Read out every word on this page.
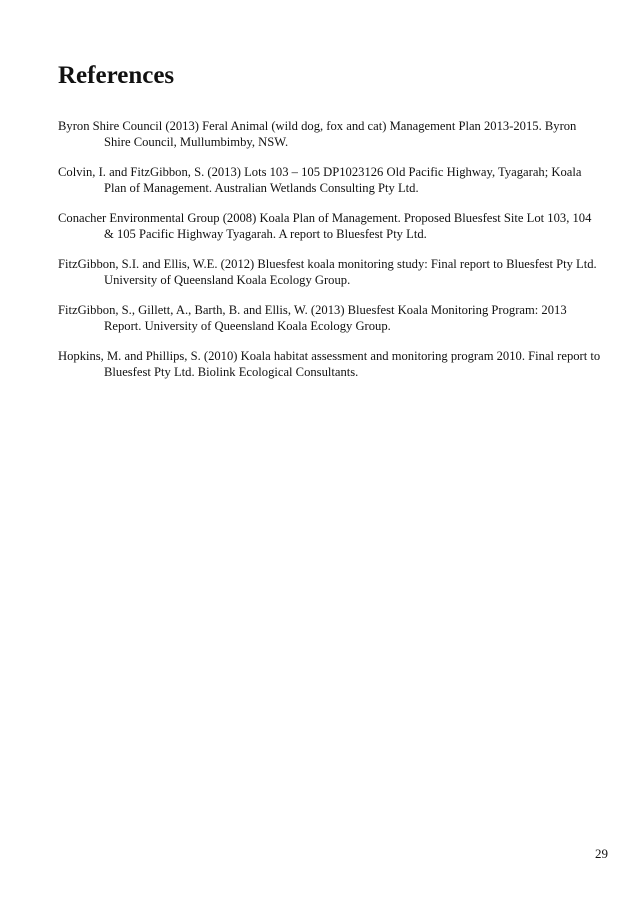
References
Byron Shire Council (2013) Feral Animal (wild dog, fox and cat) Management Plan 2013-2015. Byron Shire Council, Mullumbimby, NSW.
Colvin, I. and FitzGibbon, S. (2013) Lots 103 – 105 DP1023126 Old Pacific Highway, Tyagarah; Koala Plan of Management. Australian Wetlands Consulting Pty Ltd.
Conacher Environmental Group (2008) Koala Plan of Management. Proposed Bluesfest Site Lot 103, 104 & 105 Pacific Highway Tyagarah. A report to Bluesfest Pty Ltd.
FitzGibbon, S.I. and Ellis, W.E. (2012) Bluesfest koala monitoring study: Final report to Bluesfest Pty Ltd. University of Queensland Koala Ecology Group.
FitzGibbon, S., Gillett, A., Barth, B. and Ellis, W. (2013) Bluesfest Koala Monitoring Program: 2013 Report. University of Queensland Koala Ecology Group.
Hopkins, M. and Phillips, S. (2010) Koala habitat assessment and monitoring program 2010. Final report to Bluesfest Pty Ltd. Biolink Ecological Consultants.
29
